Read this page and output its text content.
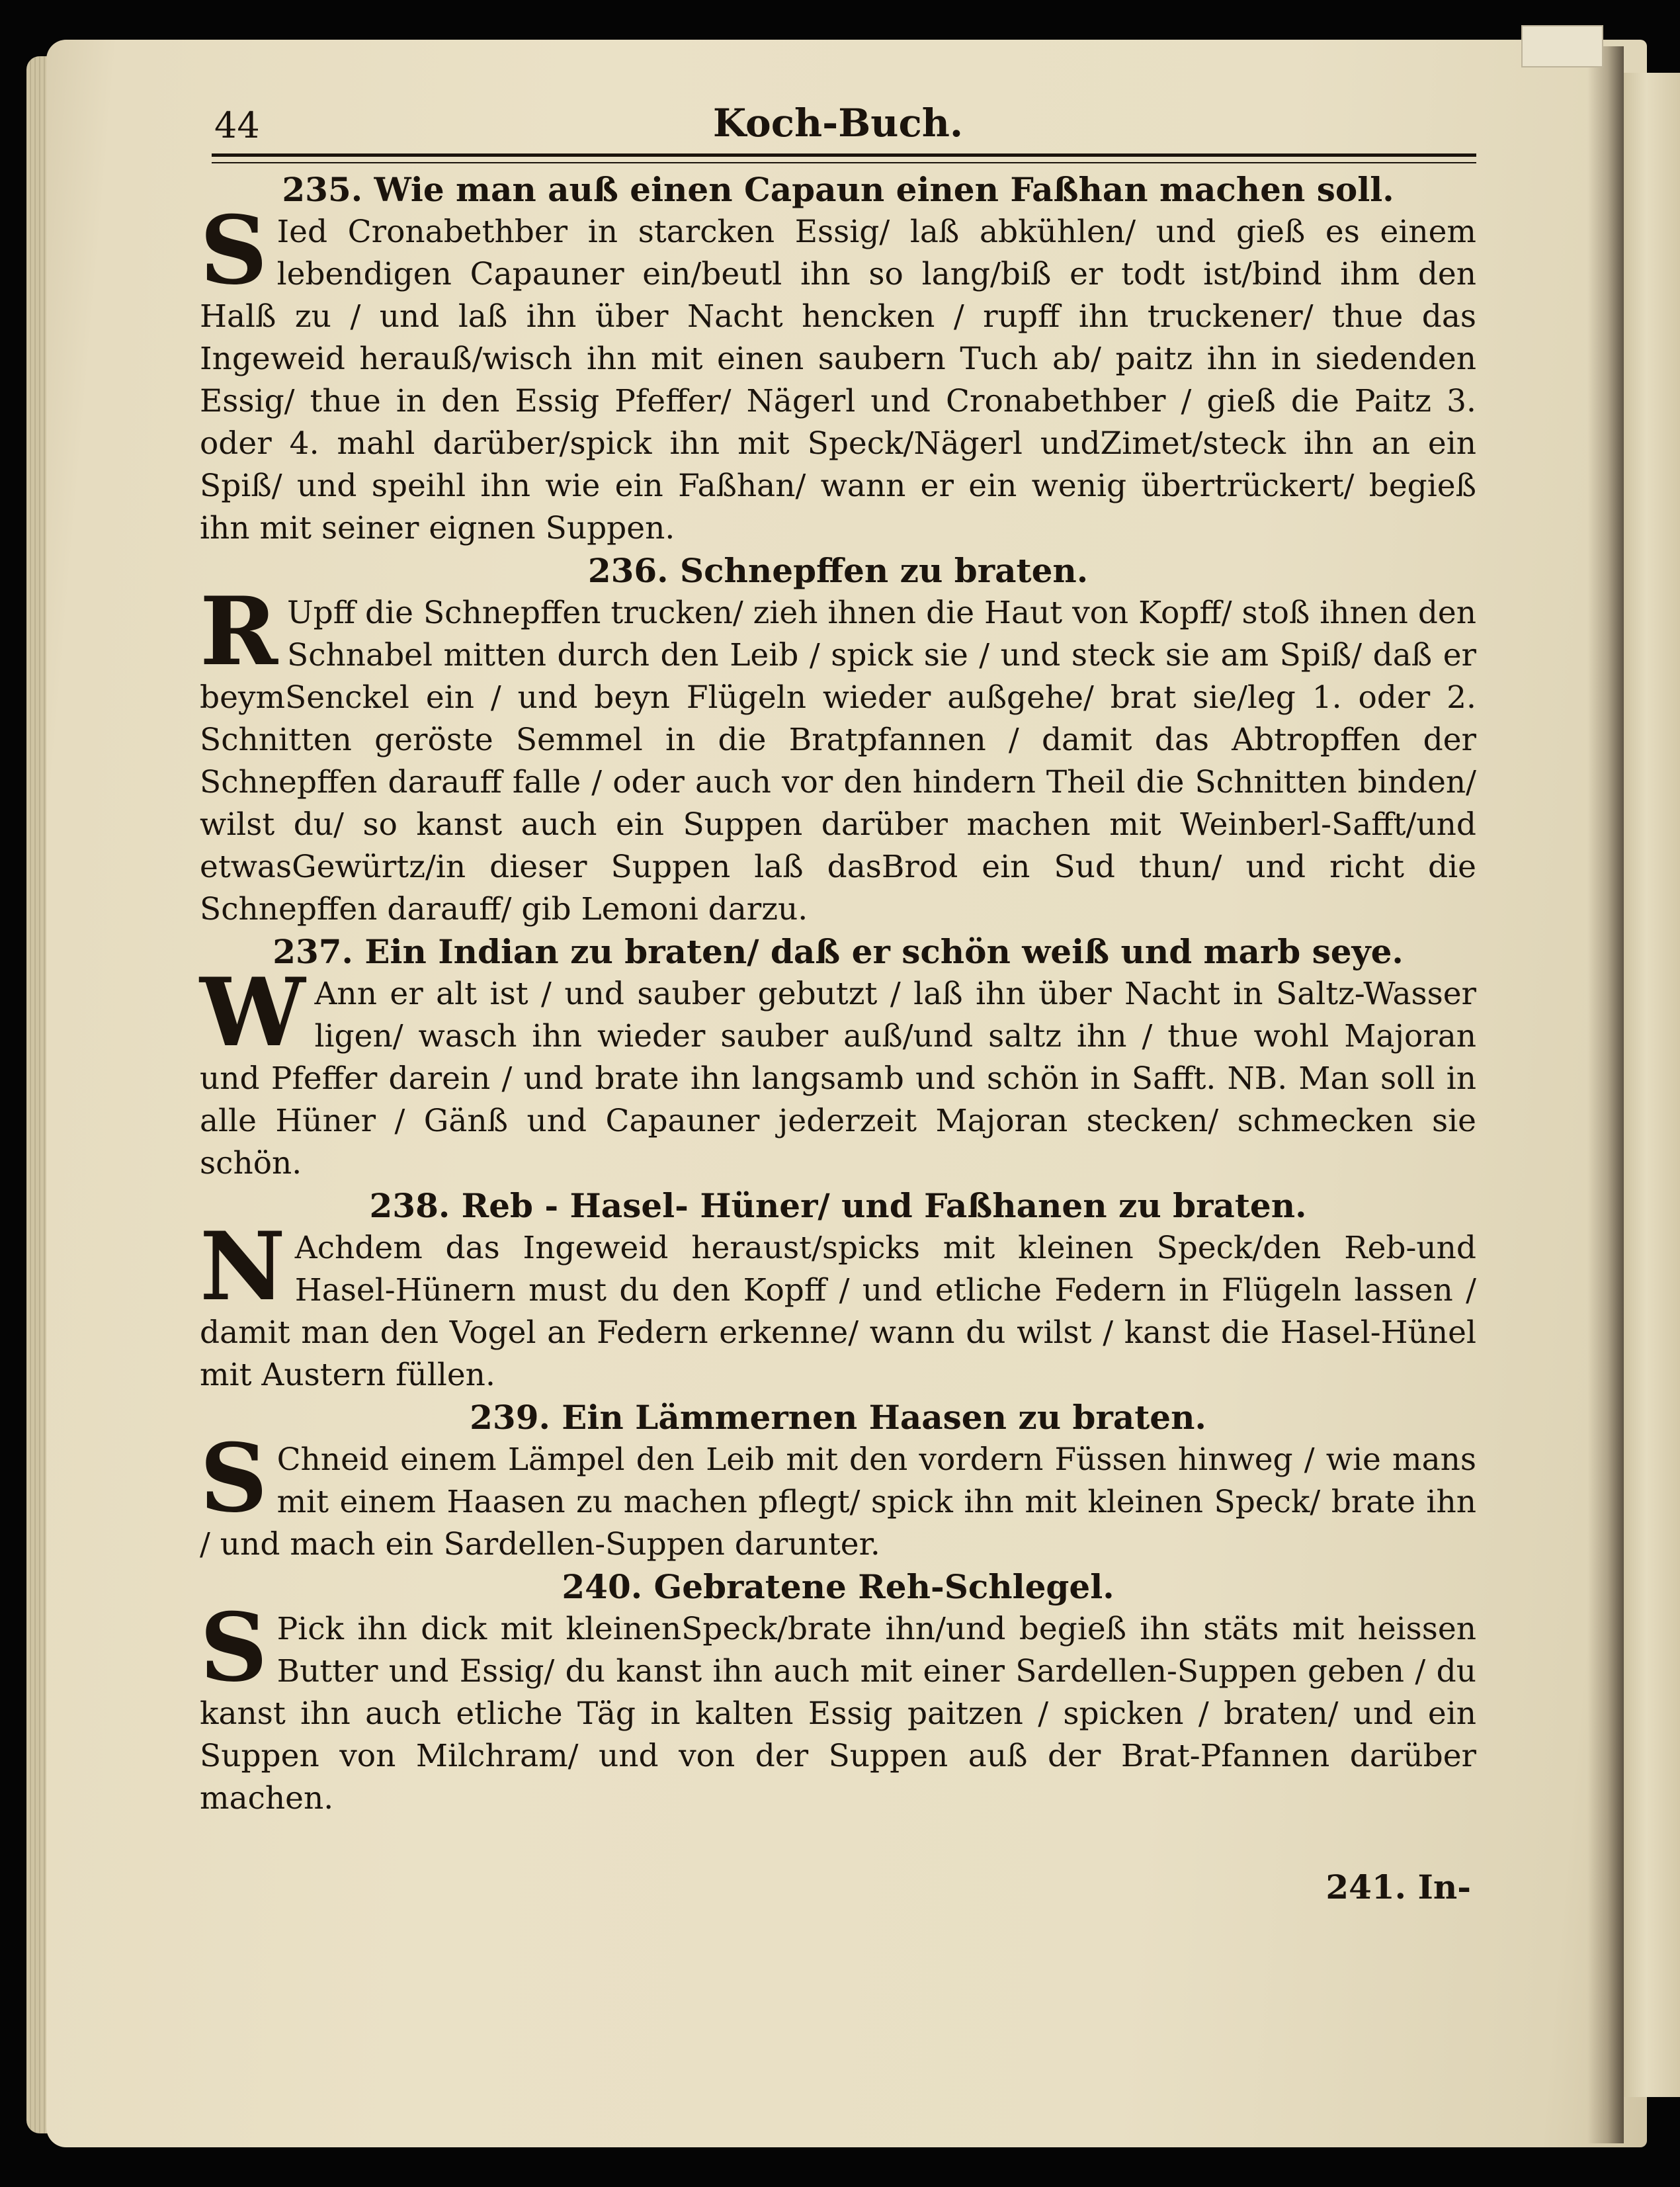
44	Koch-Buch.
235. Wie man auß einen Capaun einen Faßhan machen soll.

S Ied Cronabethber in starcken Essig/ laß abkühlen/ und gieß es einem lebendigen Capauner ein/beutl ihn so lang/biß er todt ist/bind ihm den Halß zu / und laß ihn über Nacht hencken / rupff ihn truckener/ thue das Ingeweid herauß/wisch ihn mit einen saubern Tuch ab/ paitz ihn in siedenden Essig/ thue in den Essig Pfeffer/ Nägerl und Cronabethber / gieß die Paitz 3. oder 4. mahl darüber/spick ihn mit Speck/Nägerl undZimet/steck ihn an ein Spiß/ und speihl ihn wie ein Faßhan/ wann er ein wenig übertrückert/ begieß ihn mit seiner eignen Suppen.

236. Schnepffen zu braten.

R Upff die Schnepffen trucken/ zieh ihnen die Haut von Kopff/ stoß ihnen den Schnabel mitten durch den Leib / spick sie / und steck sie am Spiß/ daß er beymSenckel ein / und beyn Flügeln wieder außgehe/ brat sie/leg 1. oder 2. Schnitten geröste Semmel in die Bratpfannen / damit das Abtropffen der Schnepffen darauff falle / oder auch vor den hindern Theil die Schnitten binden/ wilst du/ so kanst auch ein Suppen darüber machen mit Weinberl-Safft/und etwasGewürtz/in dieser Suppen laß dasBrod ein Sud thun/ und richt die Schnepffen darauff/ gib Lemoni darzu.

237. Ein Indian zu braten/ daß er schön weiß und marb seye.

W Ann er alt ist / und sauber gebutzt / laß ihn über Nacht in Saltz-Wasser ligen/ wasch ihn wieder sauber auß/und saltz ihn / thue wohl Majoran und Pfeffer darein / und brate ihn langsamb und schön in Safft. NB. Man soll in alle Hüner / Gänß und Capauner jederzeit Majoran stecken/ schmecken sie schön.

238. Reb - Hasel- Hüner/ und Faßhanen zu braten.

N Achdem das Ingeweid heraust/spicks mit kleinen Speck/den Reb-und Hasel-Hünern must du den Kopff / und etliche Federn in Flügeln lassen / damit man den Vogel an Federn erkenne/ wann du wilst / kanst die Hasel-Hünel mit Austern füllen.

239. Ein Lämmernen Haasen zu braten.

S Chneid einem Lämpel den Leib mit den vordern Füssen hinweg / wie mans mit einem Haasen zu machen pflegt/ spick ihn mit kleinen Speck/ brate ihn / und mach ein Sardellen-Suppen darunter.

240. Gebratene Reh-Schlegel.

S Pick ihn dick mit kleinenSpeck/brate ihn/und begieß ihn stäts mit heissen Butter und Essig/ du kanst ihn auch mit einer Sardellen-Suppen geben / du kanst ihn auch etliche Täg in kalten Essig paitzen / spicken / braten/ und ein Suppen von Milchram/ und von der Suppen auß der Brat-Pfannen darüber machen.

241. In-
